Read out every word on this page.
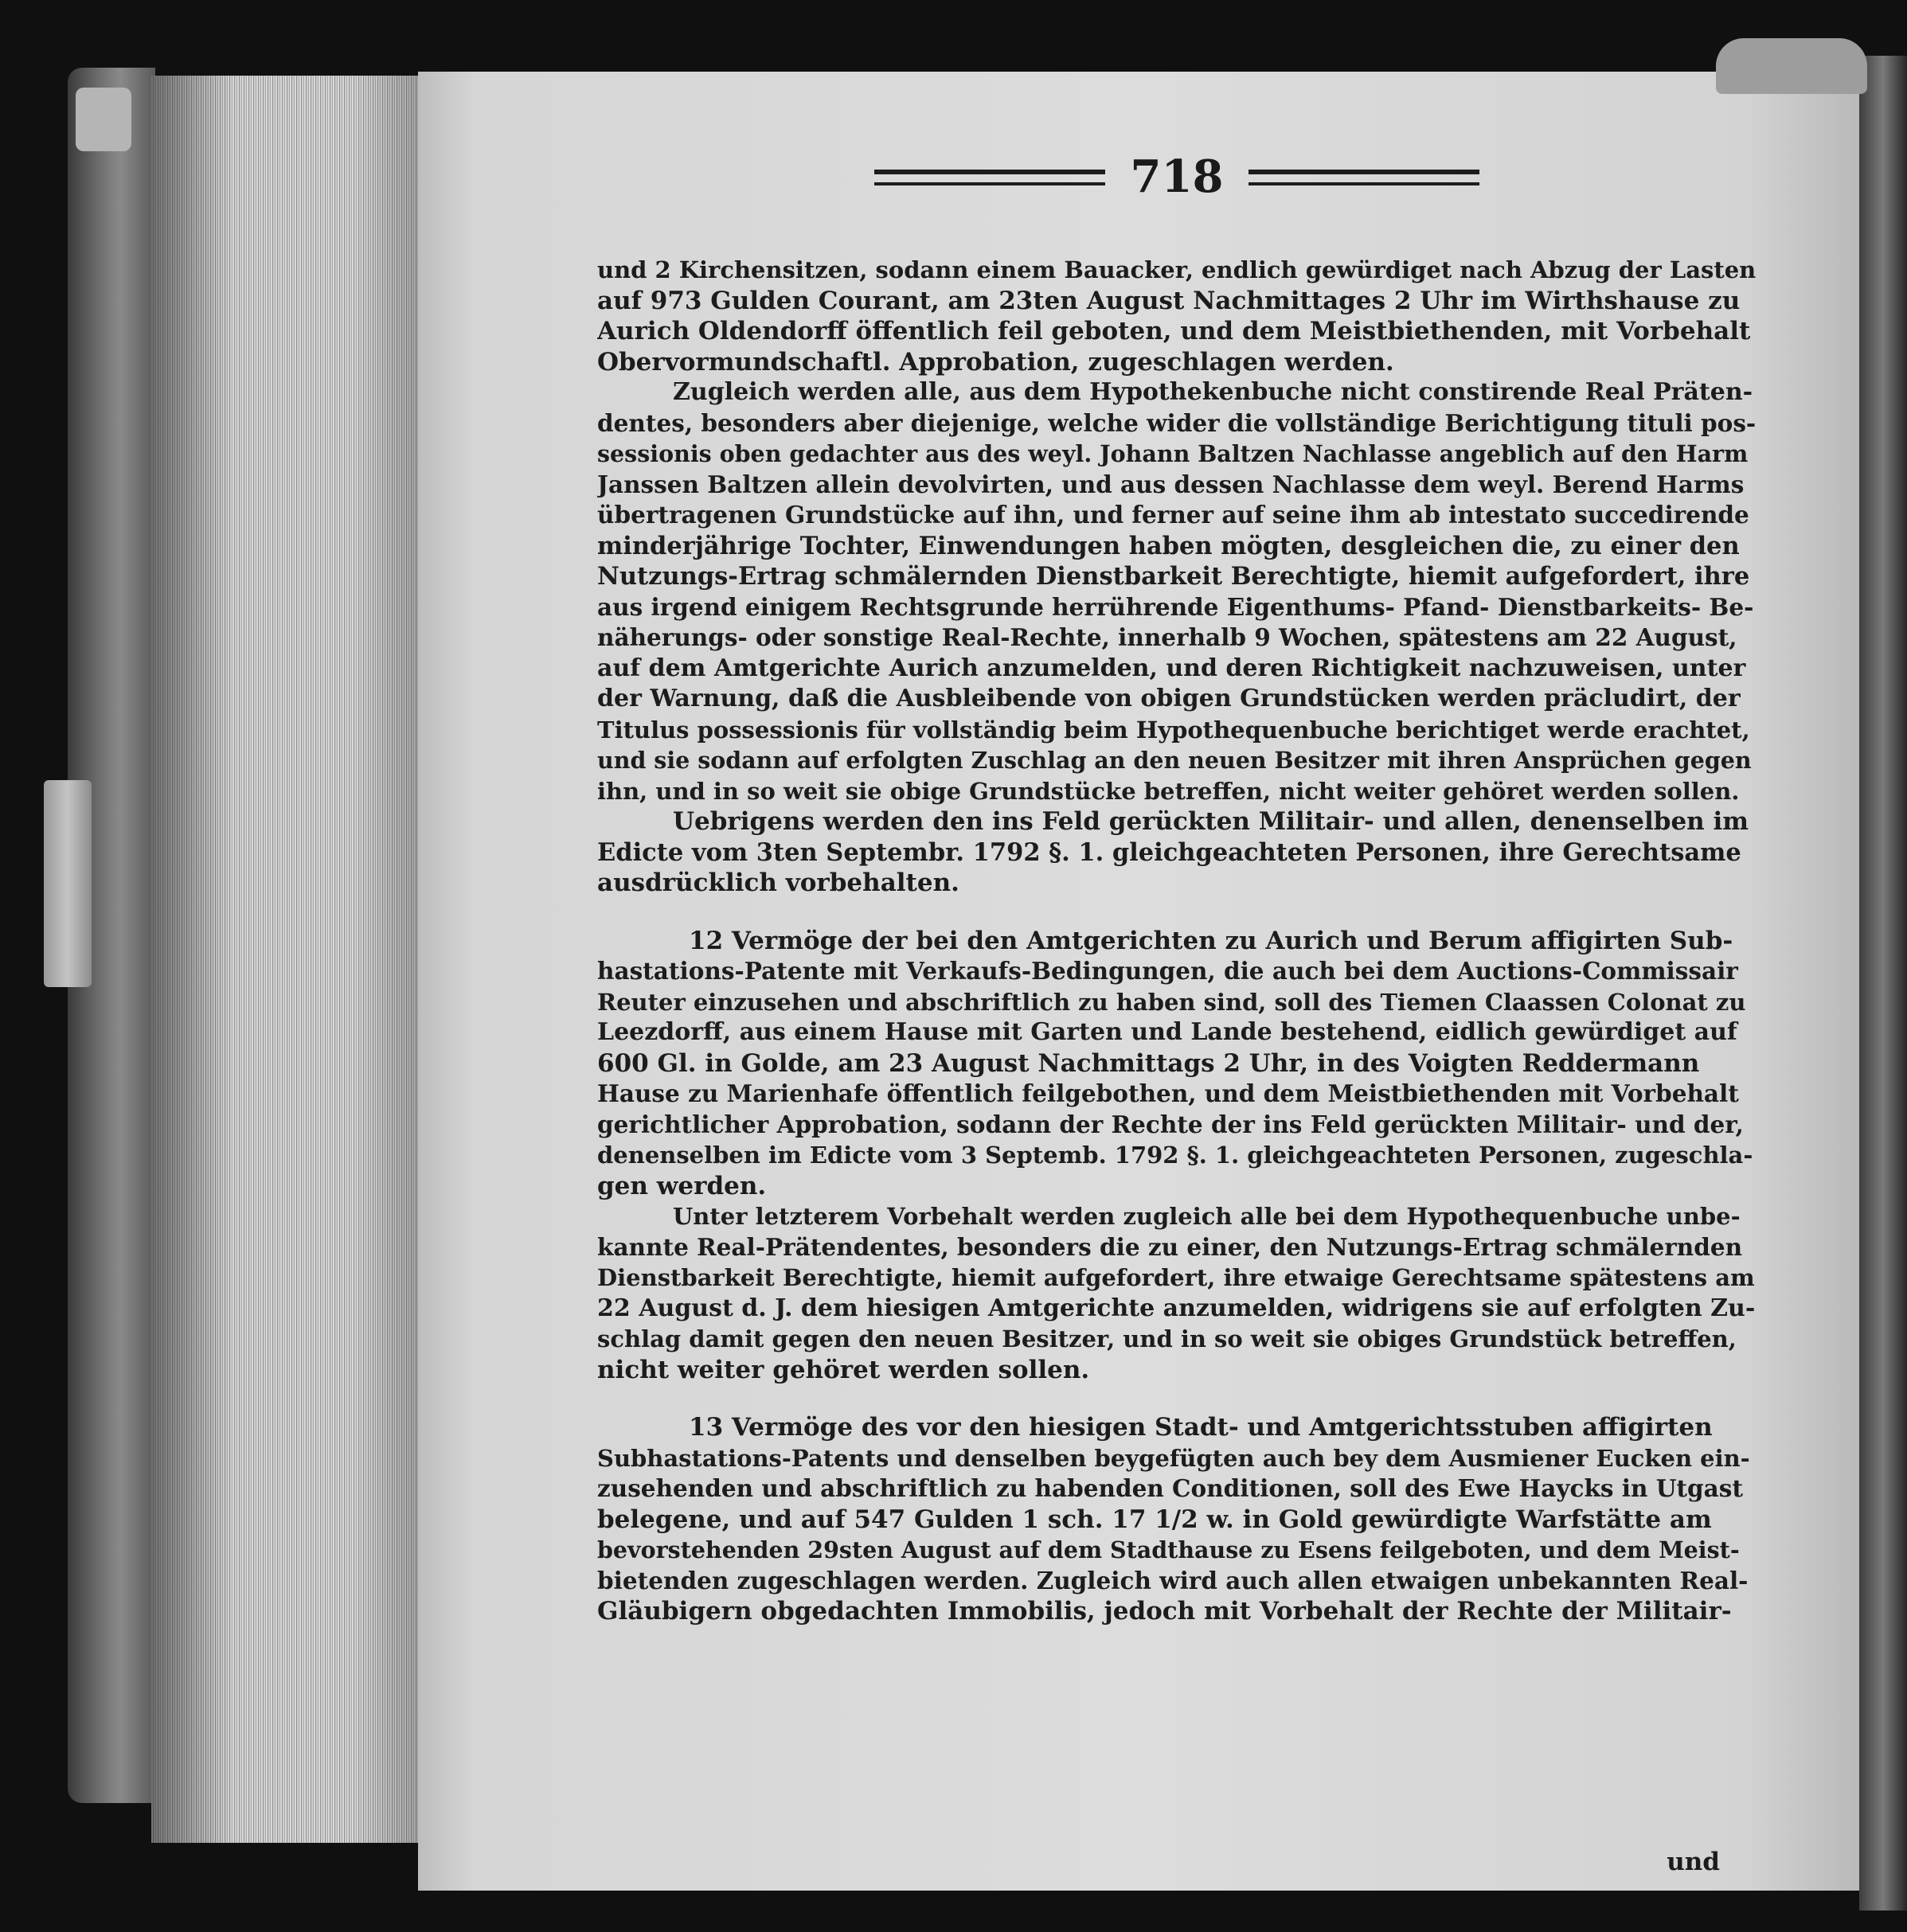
718
und 2 Kirchensitzen, sodann einem Bauacker, endlich gewürdiget nach Abzug der Lasten
auf 973 Gulden Courant, am 23ten August Nachmittages 2 Uhr im Wirthshause zu
Aurich Oldendorff öffentlich feil geboten, und dem Meistbiethenden, mit Vorbehalt
Obervormundschaftl. Approbation, zugeschlagen werden.
Zugleich werden alle, aus dem Hypothekenbuche nicht constirende Real Präten-
dentes, besonders aber diejenige, welche wider die vollständige Berichtigung tituli pos-
sessionis oben gedachter aus des weyl. Johann Baltzen Nachlasse angeblich auf den Harm
Janssen Baltzen allein devolvirten, und aus dessen Nachlasse dem weyl. Berend Harms
übertragenen Grundstücke auf ihn, und ferner auf seine ihm ab intestato succedirende
minderjährige Tochter, Einwendungen haben mögten, desgleichen die, zu einer den
Nutzungs-Ertrag schmälernden Dienstbarkeit Berechtigte, hiemit aufgefordert, ihre
aus irgend einigem Rechtsgrunde herrührende Eigenthums- Pfand- Dienstbarkeits- Be-
näherungs- oder sonstige Real-Rechte, innerhalb 9 Wochen, spätestens am 22 August,
auf dem Amtgerichte Aurich anzumelden, und deren Richtigkeit nachzuweisen, unter
der Warnung, daß die Ausbleibende von obigen Grundstücken werden präcludirt, der
Titulus possessionis für vollständig beim Hypothequenbuche berichtiget werde erachtet,
und sie sodann auf erfolgten Zuschlag an den neuen Besitzer mit ihren Ansprüchen gegen
ihn, und in so weit sie obige Grundstücke betreffen, nicht weiter gehöret werden sollen.
Uebrigens werden den ins Feld gerückten Militair- und allen, denenselben im
Edicte vom 3ten Septembr. 1792 §. 1. gleichgeachteten Personen, ihre Gerechtsame
ausdrücklich vorbehalten.
12 Vermöge der bei den Amtgerichten zu Aurich und Berum affigirten Sub-
hastations-Patente mit Verkaufs-Bedingungen, die auch bei dem Auctions-Commissair
Reuter einzusehen und abschriftlich zu haben sind, soll des Tiemen Claassen Colonat zu
Leezdorff, aus einem Hause mit Garten und Lande bestehend, eidlich gewürdiget auf
600 Gl. in Golde, am 23 August Nachmittags 2 Uhr, in des Voigten Reddermann
Hause zu Marienhafe öffentlich feilgebothen, und dem Meistbiethenden mit Vorbehalt
gerichtlicher Approbation, sodann der Rechte der ins Feld gerückten Militair- und der,
denenselben im Edicte vom 3 Septemb. 1792 §. 1. gleichgeachteten Personen, zugeschla-
gen werden.
Unter letzterem Vorbehalt werden zugleich alle bei dem Hypothequenbuche unbe-
kannte Real-Prätendentes, besonders die zu einer, den Nutzungs-Ertrag schmälernden
Dienstbarkeit Berechtigte, hiemit aufgefordert, ihre etwaige Gerechtsame spätestens am
22 August d. J. dem hiesigen Amtgerichte anzumelden, widrigens sie auf erfolgten Zu-
schlag damit gegen den neuen Besitzer, und in so weit sie obiges Grundstück betreffen,
nicht weiter gehöret werden sollen.
13 Vermöge des vor den hiesigen Stadt- und Amtgerichtsstuben affigirten
Subhastations-Patents und denselben beygefügten auch bey dem Ausmiener Eucken ein-
zusehenden und abschriftlich zu habenden Conditionen, soll des Ewe Haycks in Utgast
belegene, und auf 547 Gulden 1 sch. 17 1/2 w. in Gold gewürdigte Warfstätte am
bevorstehenden 29sten August auf dem Stadthause zu Esens feilgeboten, und dem Meist-
bietenden zugeschlagen werden. Zugleich wird auch allen etwaigen unbekannten Real-
Gläubigern obgedachten Immobilis, jedoch mit Vorbehalt der Rechte der Militair-
und
